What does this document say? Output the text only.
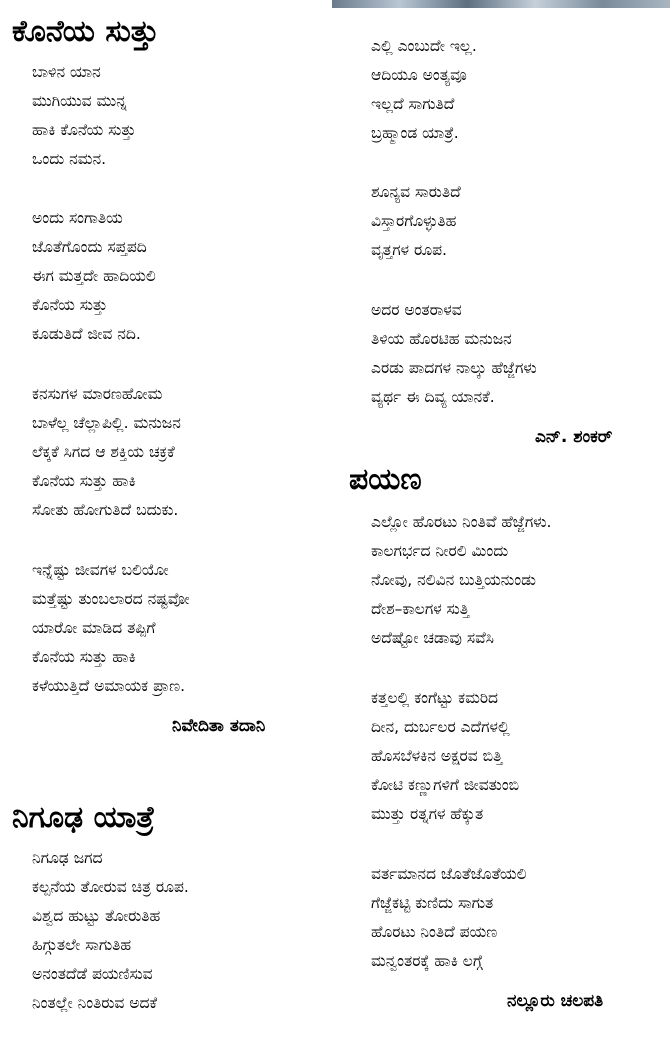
ಕೊನೆಯ ಸುತ್ತು
ಬಾಳಿನ ಯಾನ
ಮುಗಿಯುವ ಮುನ್ನ
ಹಾಕಿ ಕೊನೆಯ ಸುತ್ತು
ಒಂದು ನಮನ.
ಅಂದು ಸಂಗಾತಿಯ
ಜೊತೆಗೊಂದು ಸಪ್ತಪದಿ
ಈಗ ಮತ್ತದೇ ಹಾದಿಯಲಿ
ಕೊನೆಯ ಸುತ್ತು
ಕೂಡುತಿದೆ ಜೀವ ನದಿ.
ಕನಸುಗಳ ಮಾರಣಹೋಮ
ಬಾಳೆಲ್ಲ ಚೆಲ್ಲಾಪಿಲ್ಲಿ. ಮನುಜನ
ಲೆಕ್ಕಕೆ ಸಿಗದ ಆ ಶಕ್ತಿಯ ಚಕ್ರಕೆ
ಕೊನೆಯ ಸುತ್ತು ಹಾಕಿ
ಸೋತು ಹೋಗುತಿದೆ ಬದುಕು.
ಇನ್ನೆಷ್ಟು ಜೀವಗಳ ಬಲಿಯೋ
ಮತ್ತೆಷ್ಟು ತುಂಬಲಾರದ ನಷ್ಟವೋ
ಯಾರೋ ಮಾಡಿದ ತಪ್ಪಿಗೆ
ಕೊನೆಯ ಸುತ್ತು ಹಾಕಿ
ಕಳೆಯುತ್ತಿದೆ ಅಮಾಯಕ ಪ್ರಾಣ.
ನಿವೇದಿತಾ ತದಾನಿ
ನಿಗೂಢ ಯಾತ್ರೆ
ನಿಗೂಢ ಜಗದ
ಕಲ್ಪನೆಯ ತೋರುವ ಚಿತ್ರ ರೂಪ.
ವಿಶ್ವದ ಹುಟ್ಟು ತೋರುತಿಹ
ಹಿಗ್ಗುತಲೇ ಸಾಗುತಿಹ
ಅನಂತದೆಡೆ ಪಯಣಿಸುವ
ನಿಂತಲ್ಲೇ ನಿಂತಿರುವ ಅದಕೆ
ಎಲ್ಲಿ ಎಂಬುದೇ ಇಲ್ಲ.
ಆದಿಯೂ ಅಂತ್ಯವೂ
ಇಲ್ಲದೆ ಸಾಗುತಿದೆ
ಬ್ರಹ್ಮಾಂಡ ಯಾತ್ರೆ.
ಶೂನ್ಯವ ಸಾರುತಿದೆ
ವಿಸ್ತಾರಗೊಳ್ಳುತಿಹ
ವೃತ್ತಗಳ ರೂಪ.
ಅದರ ಅಂತರಾಳವ
ತಿಳಿಯ ಹೊರಟಿಹ ಮನುಜನ
ಎರಡು ಪಾದಗಳ ನಾಲ್ಕು ಹೆಜ್ಜೆಗಳು
ವ್ಯರ್ಥ ಈ ದಿವ್ಯ ಯಾನಕೆ.
ಎನ್. ಶಂಕರ್
ಪಯಣ
ಎಲ್ಲೋ ಹೊರಟು ನಿಂತಿವೆ ಹೆಜ್ಜೆಗಳು.
ಕಾಲಗರ್ಭದ ನೀರಲಿ ಮಿಂದು
ನೋವು, ನಲಿವಿನ ಬುತ್ತಿಯನುಂಡು
ದೇಶ–ಕಾಲಗಳ ಸುತ್ತಿ
ಅದೆಷ್ಟೋ ಚಡಾವು ಸವೆಸಿ
ಕತ್ತಲಲ್ಲಿ ಕಂಗೆಟ್ಟು ಕಮರಿದ
ದೀನ, ದುರ್ಬಲರ ಎದೆಗಳಲ್ಲಿ
ಹೊಸಬೆಳಕಿನ ಅಕ್ಷರವ ಬಿತ್ತಿ
ಕೋಟಿ ಕಣ್ಣುಗಳಿಗೆ ಜೀವತುಂಬಿ
ಮುತ್ತು ರತ್ನಗಳ ಹೆಕ್ಕುತ
ವರ್ತಮಾನದ ಜೊತೆಜೊತೆಯಲಿ
ಗೆಜ್ಜೆಕಟ್ಟಿ ಕುಣಿದು ಸಾಗುತ
ಹೊರಟು ನಿಂತಿದೆ ಪಯಣ
ಮನ್ವಂತರಕ್ಕೆ ಹಾಕಿ ಲಗ್ಗೆ
ನಲ್ಲೂರು ಚಲಪತಿ
